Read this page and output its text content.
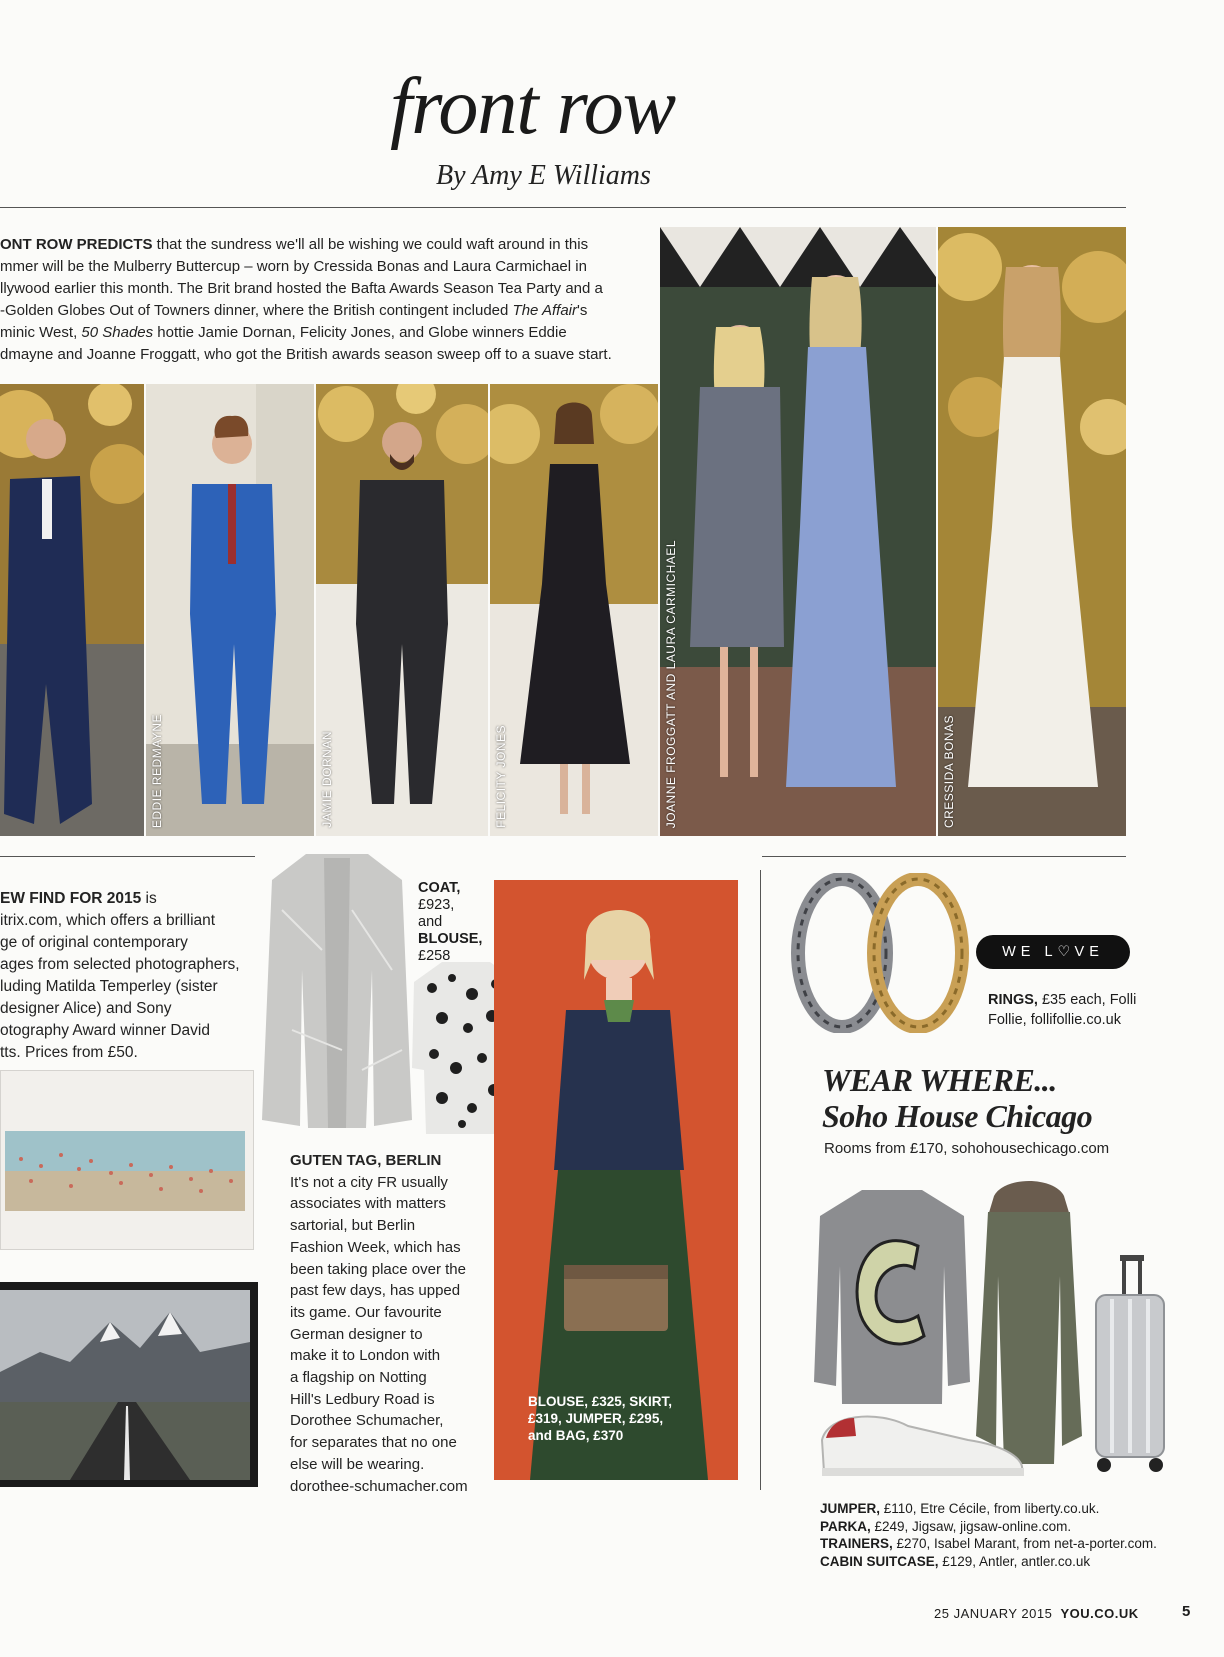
front row
By Amy E Williams
ONT ROW PREDICTS that the sundress we'll all be wishing we could waft around in this
mmer will be the Mulberry Buttercup – worn by Cressida Bonas and Laura Carmichael in
llywood earlier this month. The Brit brand hosted the Bafta Awards Season Tea Party and a
-Golden Globes Out of Towners dinner, where the British contingent included The Affair's
minic West, 50 Shades hottie Jamie Dornan, Felicity Jones, and Globe winners Eddie
dmayne and Joanne Froggatt, who got the British awards season sweep off to a suave start.
EDDIE REDMAYNE	JAMIE DORNAN	FELICITY JONES	JOANNE FROGGATT AND LAURA CARMICHAEL	CRESSIDA BONAS
EW FIND FOR 2015 is
itrix.com, which offers a brilliant
ge of original contemporary
ages from selected photographers,
luding Matilda Temperley (sister
designer Alice) and Sony
otography Award winner David
tts. Prices from £50.
COAT,
£923,
and
BLOUSE,
£258
GUTEN TAG, BERLIN
It's not a city FR usually
associates with matters
sartorial, but Berlin
Fashion Week, which has
been taking place over the
past few days, has upped
its game. Our favourite
German designer to
make it to London with
a flagship on Notting
Hill's Ledbury Road is
Dorothee Schumacher,
for separates that no one
else will be wearing.
dorothee-schumacher.com
BLOUSE, £325, SKIRT,
£319, JUMPER, £295,
and BAG, £370
WE L♡ VE
RINGS, £35 each, Folli
Follie, follifollie.co.uk
WEAR WHERE...
Soho House Chicago
Rooms from £170, sohohousechicago.com
JUMPER, £110, Etre Cécile, from liberty.co.uk.
PARKA, £249, Jigsaw, jigsaw-online.com.
TRAINERS, £270, Isabel Marant, from net-a-porter.com.
CABIN SUITCASE, £129, Antler, antler.co.uk
25 JANUARY 2015 YOU.CO.UK	5
